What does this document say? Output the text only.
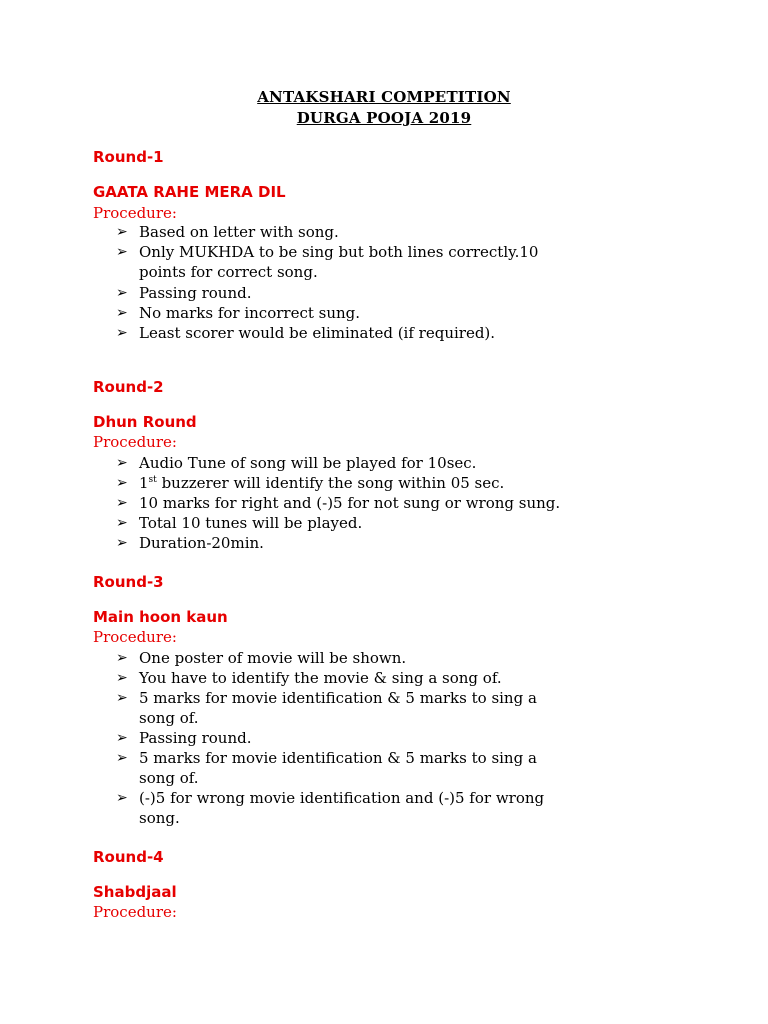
ANTAKSHARI COMPETITION
DURGA POOJA 2019
Round-1
GAATA RAHE MERA DIL
Procedure:
➢ Based on letter with song.
➢ Only MUKHDA to be sing but both lines correctly.10
points for correct song.
➢ Passing round.
➢ No marks for incorrect sung.
➢ Least scorer would be eliminated (if required).
Round-2
Dhun Round
Procedure:
➢ Audio Tune of song will be played for 10sec.
➢ 1st buzzerer will identify the song within 05 sec.
➢ 10 marks for right and (-)5 for not sung or wrong sung.
➢ Total 10 tunes will be played.
➢ Duration-20min.
Round-3
Main hoon kaun
Procedure:
➢ One poster of movie will be shown.
➢ You have to identify the movie & sing a song of.
➢ 5 marks for movie identification & 5 marks to sing a
song of.
➢ Passing round.
➢ 5 marks for movie identification & 5 marks to sing a
song of.
➢ (-)5 for wrong movie identification and (-)5 for wrong
song.
Round-4
Shabdjaal
Procedure:
